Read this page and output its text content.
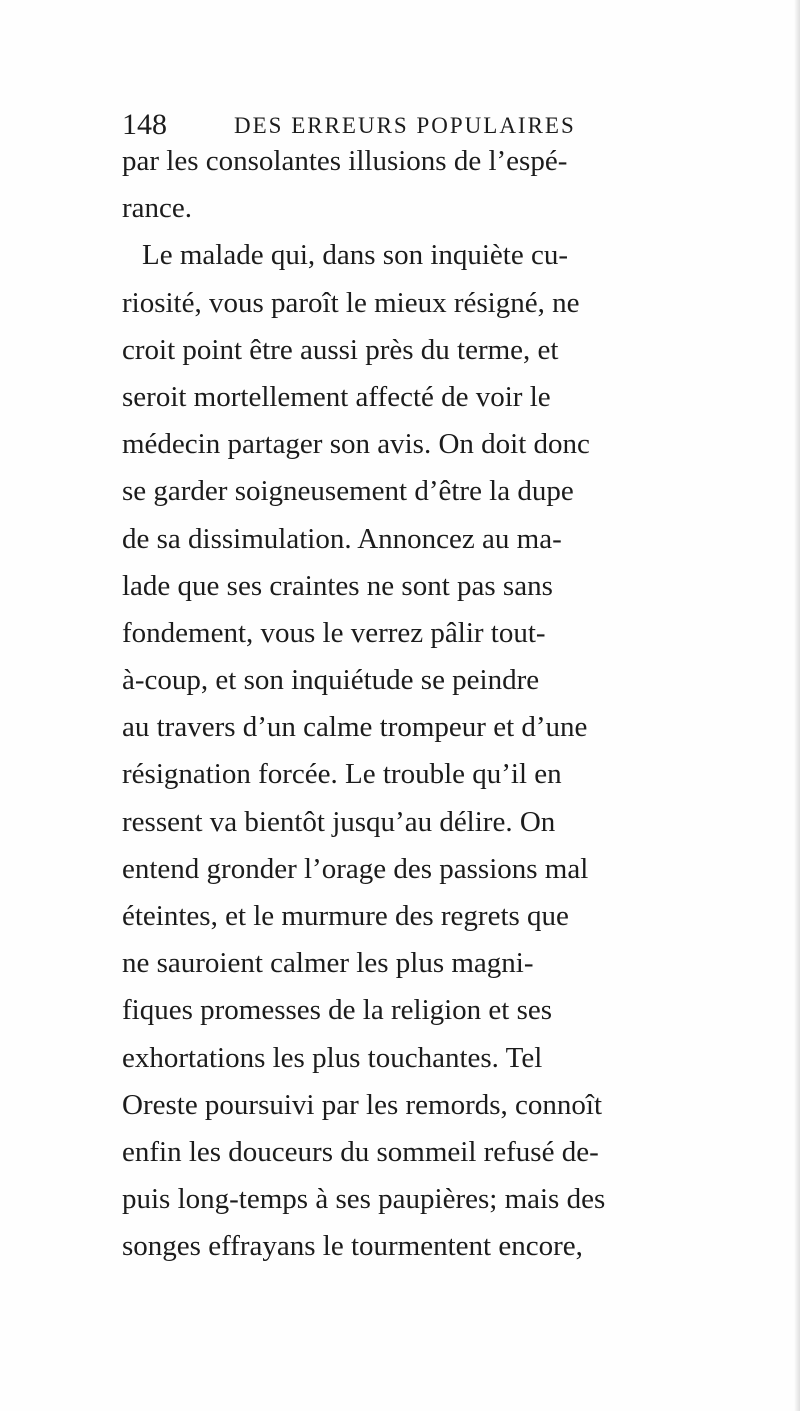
148	DES ERREURS POPULAIRES
par les consolantes illusions de l’espé-
rance.
Le malade qui, dans son inquiète cu-
riosité, vous paroît le mieux résigné, ne
croit point être aussi près du terme, et
seroit mortellement affecté de voir le
médecin partager son avis. On doit donc
se garder soigneusement d’être la dupe
de sa dissimulation. Annoncez au ma-
lade que ses craintes ne sont pas sans
fondement, vous le verrez pâlir tout-
à-coup, et son inquiétude se peindre
au travers d’un calme trompeur et d’une
résignation forcée. Le trouble qu’il en
ressent va bientôt jusqu’au délire. On
entend gronder l’orage des passions mal
éteintes, et le murmure des regrets que
ne sauroient calmer les plus magni-
fiques promesses de la religion et ses
exhortations les plus touchantes. Tel
Oreste poursuivi par les remords, connoît
enfin les douceurs du sommeil refusé de-
puis long-temps à ses paupières; mais des
songes effrayans le tourmentent encore,
